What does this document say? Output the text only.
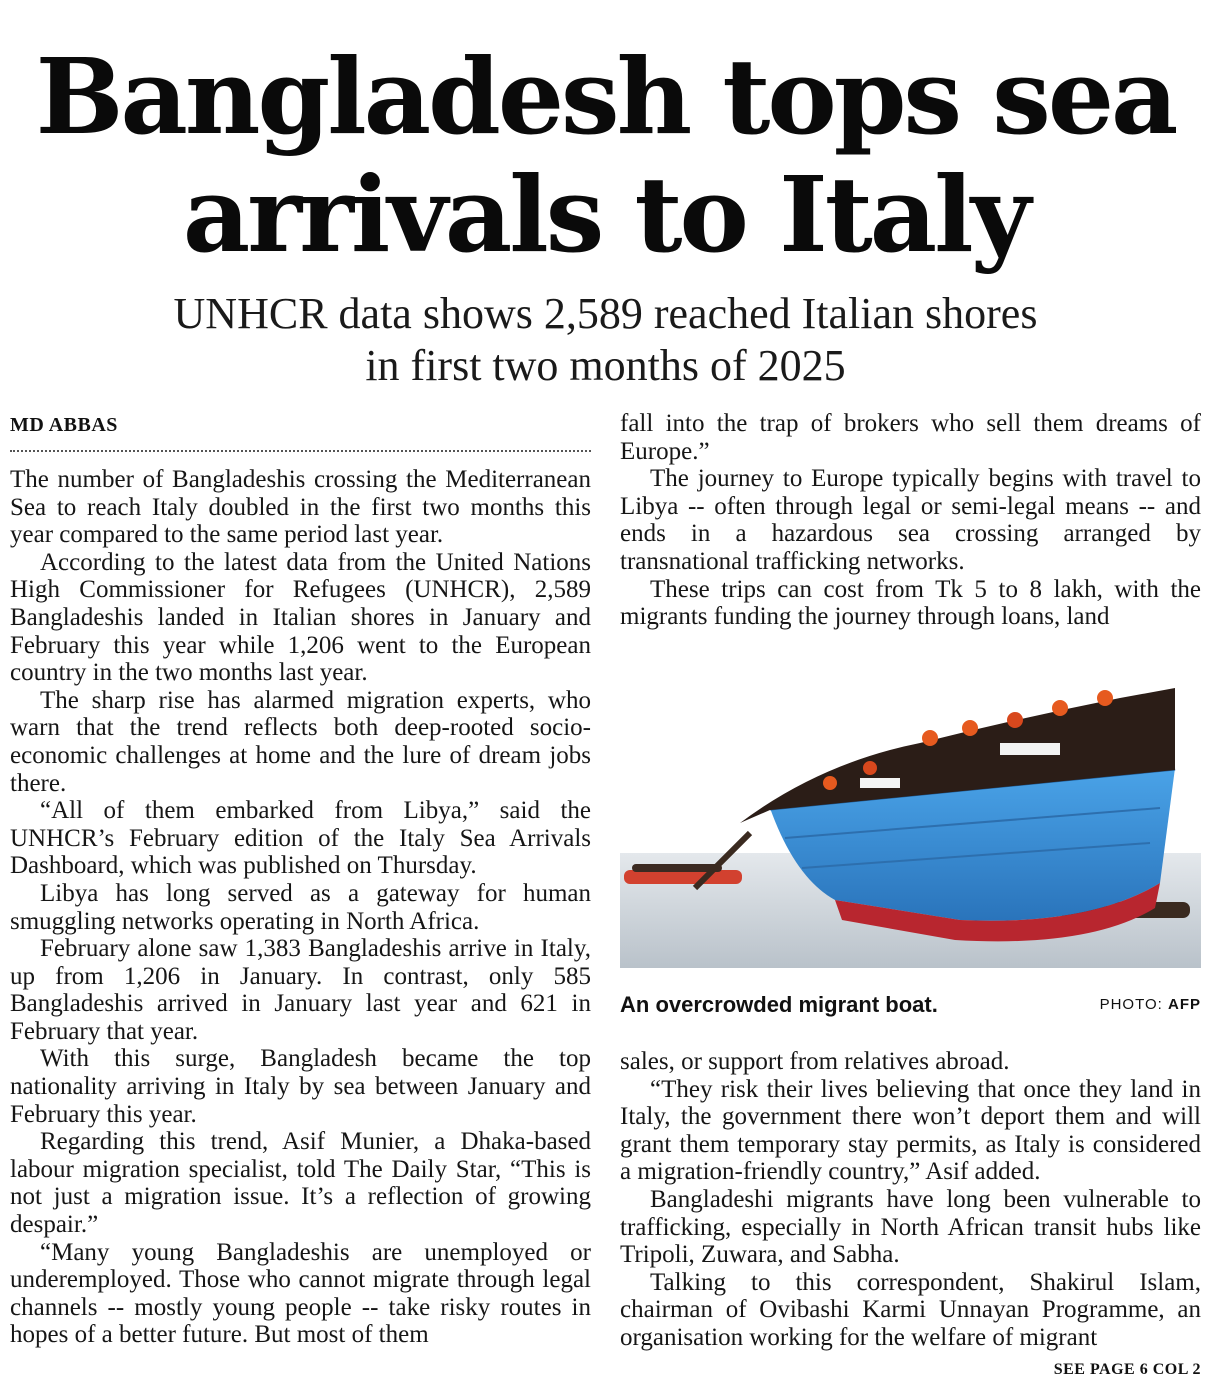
Bangladesh tops sea
arrivals to Italy
UNHCR data shows 2,589 reached Italian shores
in first two months of 2025
MD ABBAS

The number of Bangladeshis crossing the Mediterranean Sea to reach Italy doubled in the first two months this year compared to the same period last year.

According to the latest data from the United Nations High Commissioner for Refugees (UNHCR), 2,589 Bangladeshis landed in Italian shores in January and February this year while 1,206 went to the European country in the two months last year.

The sharp rise has alarmed migration experts, who warn that the trend reflects both deep-rooted socio-economic challenges at home and the lure of dream jobs there.

“All of them embarked from Libya,” said the UNHCR’s February edition of the Italy Sea Arrivals Dashboard, which was published on Thursday.

Libya has long served as a gateway for human smuggling networks operating in North Africa.

February alone saw 1,383 Bangladeshis arrive in Italy, up from 1,206 in January. In contrast, only 585 Bangladeshis arrived in January last year and 621 in February that year.

With this surge, Bangladesh became the top nationality arriving in Italy by sea between January and February this year.

Regarding this trend, Asif Munier, a Dhaka-based labour migration specialist, told The Daily Star, “This is not just a migration issue. It’s a reflection of growing despair.”

“Many young Bangladeshis are unemployed or underemployed. Those who cannot migrate through legal channels -- mostly young people -- take risky routes in hopes of a better future. But most of them

fall into the trap of brokers who sell them dreams of Europe.”

The journey to Europe typically begins with travel to Libya -- often through legal or semi-legal means -- and ends in a hazardous sea crossing arranged by transnational trafficking networks.

These trips can cost from Tk 5 to 8 lakh, with the migrants funding the journey through loans, land

An overcrowded migrant boat.	PHOTO: AFP

sales, or support from relatives abroad.

“They risk their lives believing that once they land in Italy, the government there won’t deport them and will grant them temporary stay permits, as Italy is considered a migration-friendly country,” Asif added.

Bangladeshi migrants have long been vulnerable to trafficking, especially in North African transit hubs like Tripoli, Zuwara, and Sabha.

Talking to this correspondent, Shakirul Islam, chairman of Ovibashi Karmi Unnayan Programme, an organisation working for the welfare of migrant

SEE PAGE 6 COL 2
